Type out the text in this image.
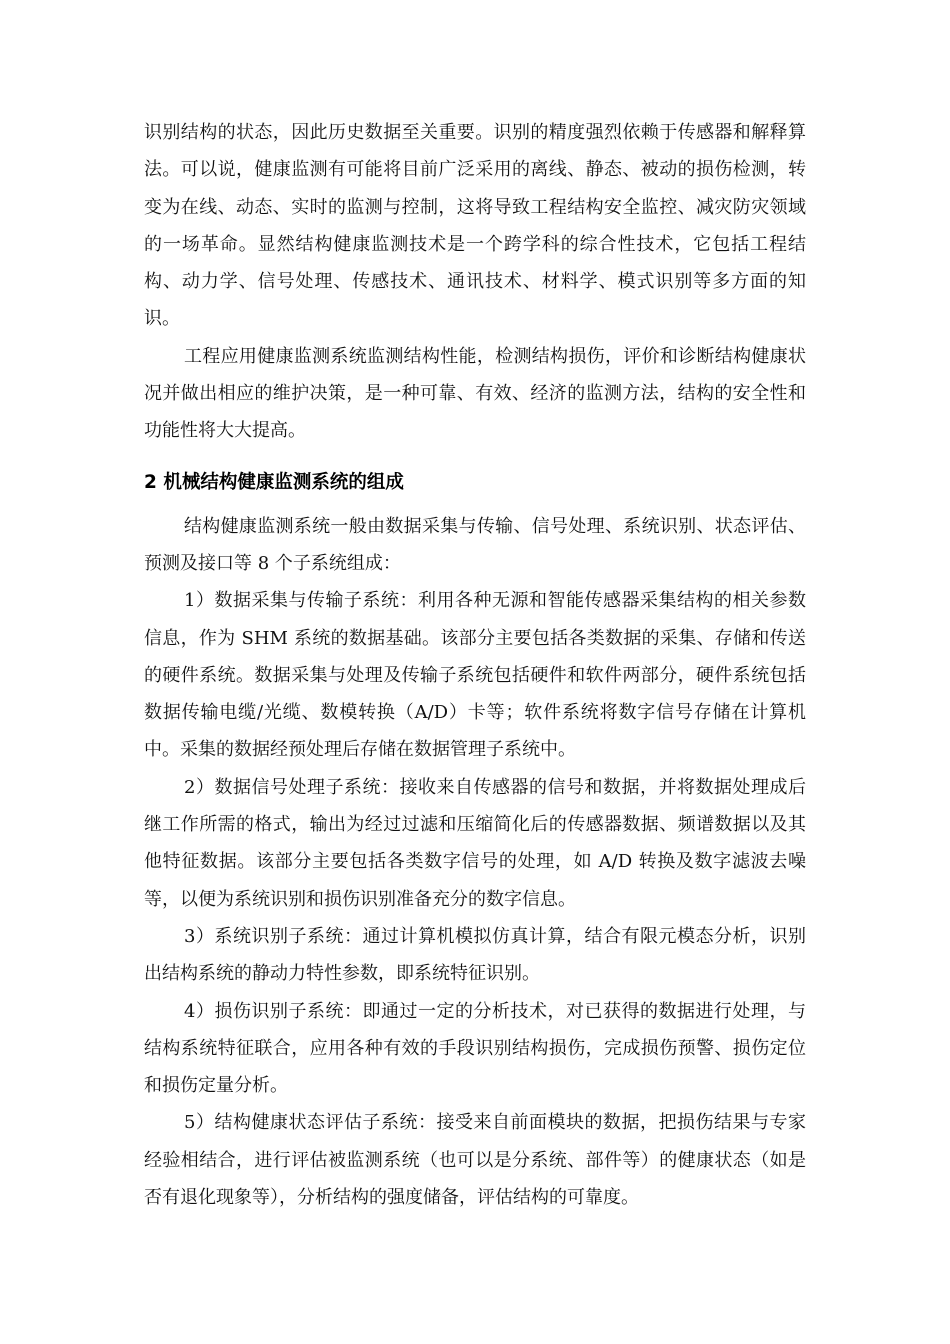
识别结构的状态，因此历史数据至关重要。识别的精度强烈依赖于传感器和解释算法。可以说，健康监测有可能将目前广泛采用的离线、静态、被动的损伤检测，转变为在线、动态、实时的监测与控制，这将导致工程结构安全监控、减灾防灾领域的一场革命。显然结构健康监测技术是一个跨学科的综合性技术，它包括工程结构、动力学、信号处理、传感技术、通讯技术、材料学、模式识别等多方面的知识。

工程应用健康监测系统监测结构性能，检测结构损伤，评价和诊断结构健康状况并做出相应的维护决策，是一种可靠、有效、经济的监测方法，结构的安全性和功能性将大大提高。

2 机械结构健康监测系统的组成

结构健康监测系统一般由数据采集与传输、信号处理、系统识别、状态评估、预测及接口等 8 个子系统组成：

1）数据采集与传输子系统：利用各种无源和智能传感器采集结构的相关参数信息，作为 SHM 系统的数据基础。该部分主要包括各类数据的采集、存储和传送的硬件系统。数据采集与处理及传输子系统包括硬件和软件两部分，硬件系统包括数据传输电缆/光缆、数模转换（A/D）卡等；软件系统将数字信号存储在计算机中。采集的数据经预处理后存储在数据管理子系统中。

2）数据信号处理子系统：接收来自传感器的信号和数据，并将数据处理成后继工作所需的格式，输出为经过过滤和压缩简化后的传感器数据、频谱数据以及其他特征数据。该部分主要包括各类数字信号的处理，如 A/D 转换及数字滤波去噪等，以便为系统识别和损伤识别准备充分的数字信息。

3）系统识别子系统：通过计算机模拟仿真计算，结合有限元模态分析，识别出结构系统的静动力特性参数，即系统特征识别。

4）损伤识别子系统：即通过一定的分析技术，对已获得的数据进行处理，与结构系统特征联合，应用各种有效的手段识别结构损伤，完成损伤预警、损伤定位和损伤定量分析。

5）结构健康状态评估子系统：接受来自前面模块的数据，把损伤结果与专家经验相结合，进行评估被监测系统（也可以是分系统、部件等）的健康状态（如是否有退化现象等），分析结构的强度储备，评估结构的可靠度。
